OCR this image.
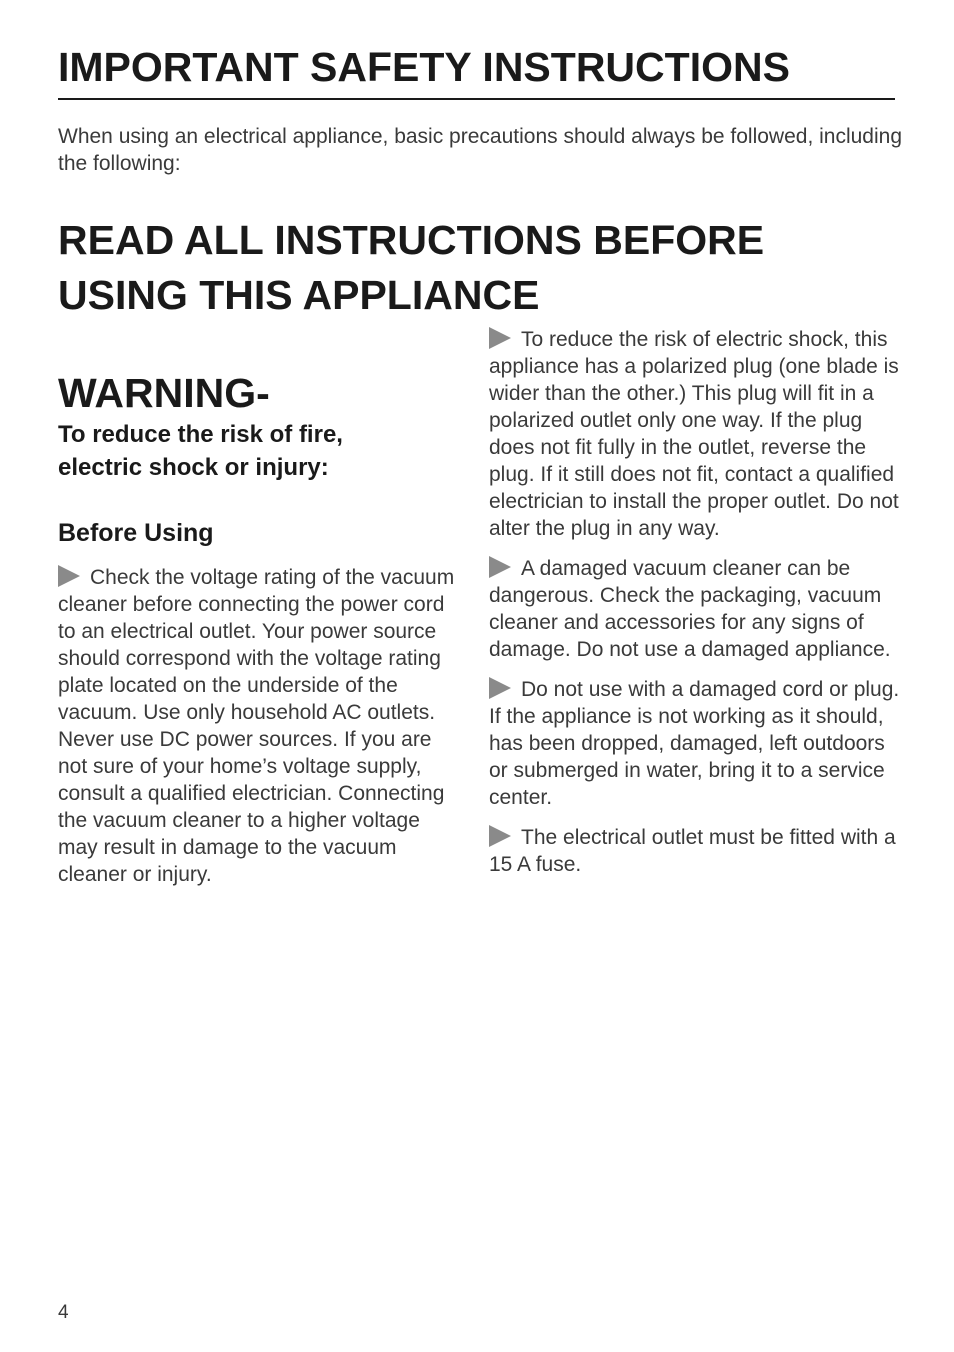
IMPORTANT SAFETY INSTRUCTIONS

When using an electrical appliance, basic precautions should always be followed, including the following:

READ ALL INSTRUCTIONS BEFORE
USING THIS APPLIANCE
WARNING-
To reduce the risk of fire,
electric shock or injury:
Before Using

Check the voltage rating of the vacuum cleaner before connecting the power cord to an electrical outlet. Your power source should correspond with the voltage rating plate located on the underside of the vacuum. Use only household AC outlets. Never use DC power sources. If you are not sure of your home’s voltage supply, consult a qualified electrician. Connecting the vacuum cleaner to a higher voltage may result in damage to the vacuum cleaner or injury.

To reduce the risk of electric shock, this appliance has a polarized plug (one blade is wider than the other.) This plug will fit in a polarized outlet only one way. If the plug does not fit fully in the outlet, reverse the plug. If it still does not fit, contact a qualified electrician to install the proper outlet. Do not alter the plug in any way.

A damaged vacuum cleaner can be dangerous. Check the packaging, vacuum cleaner and accessories for any signs of damage. Do not use a damaged appliance.

Do not use with a damaged cord or plug. If the appliance is not working as it should, has been dropped, damaged, left outdoors or submerged in water, bring it to a service center.

The electrical outlet must be fitted with a 15 A fuse.

4
